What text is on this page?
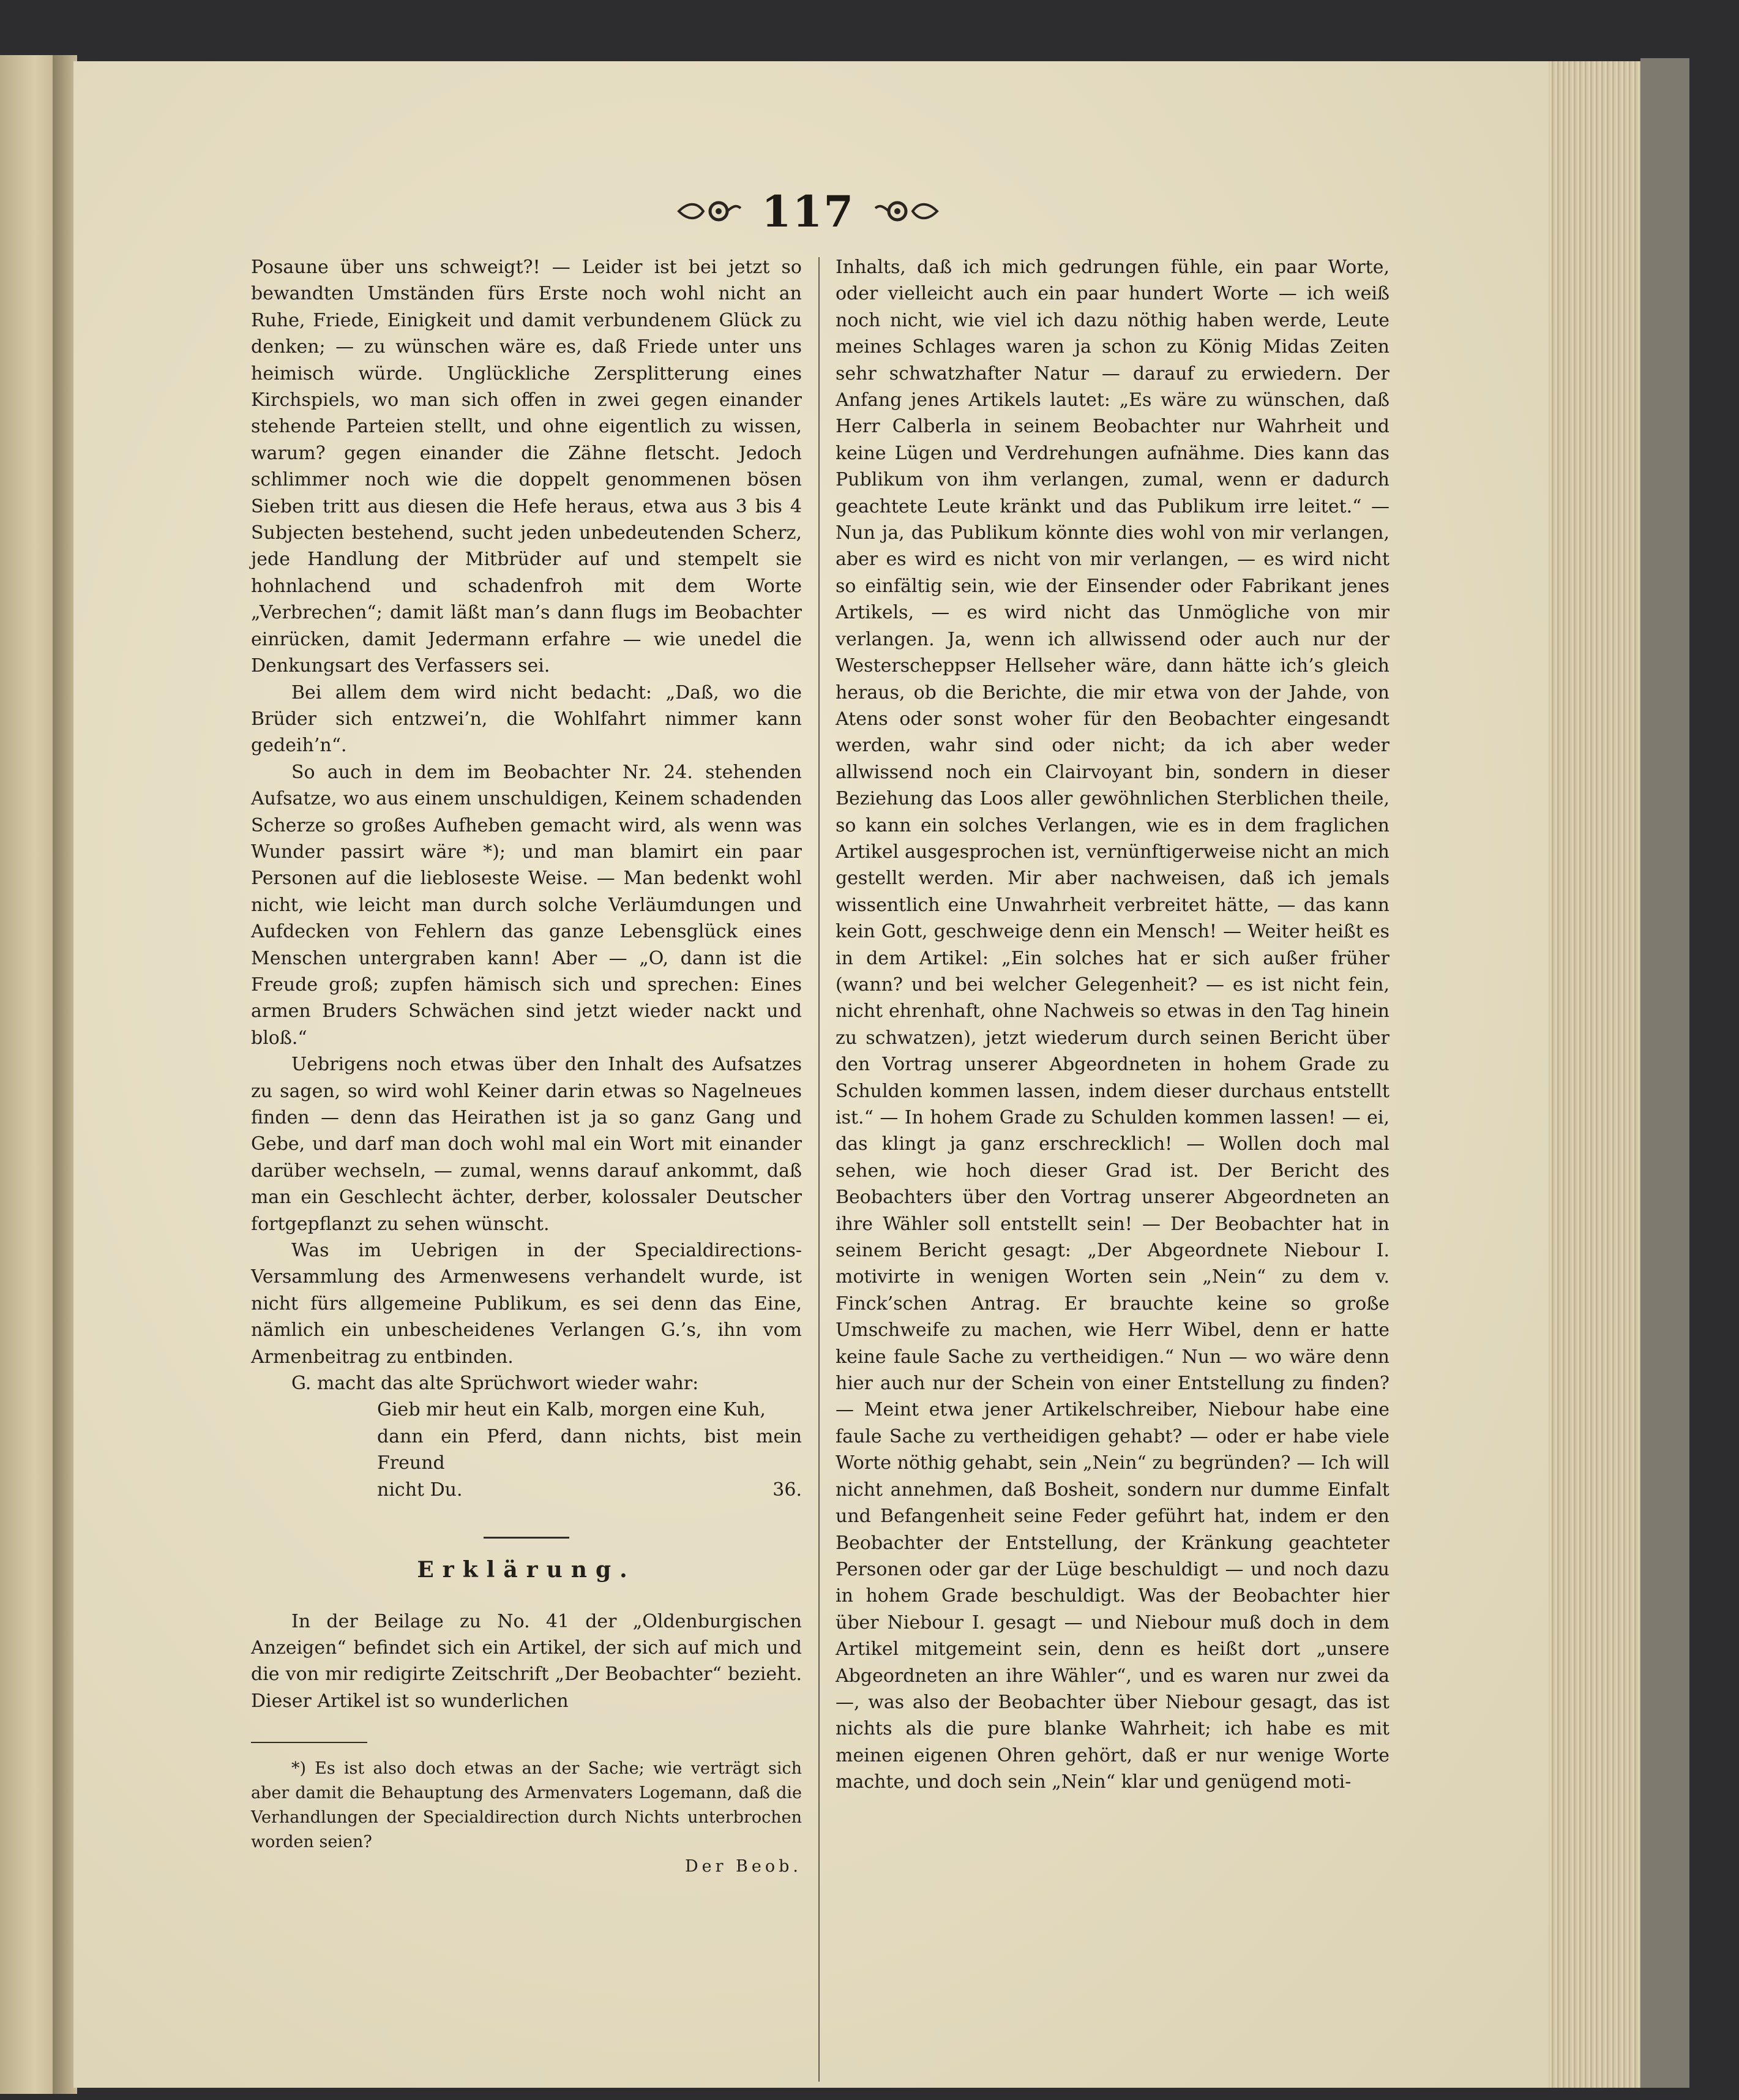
117

Posaune über uns schweigt?! — Leider ist bei jetzt so bewandten Umständen fürs Erste noch wohl nicht an Ruhe, Friede, Einigkeit und damit verbundenem Glück zu denken; — zu wünschen wäre es, daß Friede unter uns heimisch würde. Unglückliche Zersplitterung eines Kirchspiels, wo man sich offen in zwei gegen einander stehende Parteien stellt, und ohne eigentlich zu wissen, warum? gegen einander die Zähne fletscht. Jedoch schlimmer noch wie die doppelt genommenen bösen Sieben tritt aus diesen die Hefe heraus, etwa aus 3 bis 4 Subjecten bestehend, sucht jeden unbedeutenden Scherz, jede Handlung der Mitbrüder auf und stempelt sie hohnlachend und schadenfroh mit dem Worte „Verbrechen“; damit läßt man’s dann flugs im Beobachter einrücken, damit Jedermann erfahre — wie unedel die Denkungsart des Verfassers sei.

Bei allem dem wird nicht bedacht: „Daß, wo die Brüder sich entzwei’n, die Wohlfahrt nimmer kann gedeih’n“.

So auch in dem im Beobachter Nr. 24. stehenden Aufsatze, wo aus einem unschuldigen, Keinem schadenden Scherze so großes Aufheben gemacht wird, als wenn was Wunder passirt wäre *); und man blamirt ein paar Personen auf die liebloseste Weise. — Man bedenkt wohl nicht, wie leicht man durch solche Verläumdungen und Aufdecken von Fehlern das ganze Lebensglück eines Menschen untergraben kann! Aber — „O, dann ist die Freude groß; zupfen hämisch sich und sprechen: Eines armen Bruders Schwächen sind jetzt wieder nackt und bloß.“

Uebrigens noch etwas über den Inhalt des Aufsatzes zu sagen, so wird wohl Keiner darin etwas so Nagelneues finden — denn das Heirathen ist ja so ganz Gang und Gebe, und darf man doch wohl mal ein Wort mit einander darüber wechseln, — zumal, wenns darauf ankommt, daß man ein Geschlecht ächter, derber, kolossaler Deutscher fortgepflanzt zu sehen wünscht.

Was im Uebrigen in der Specialdirections-Versammlung des Armenwesens verhandelt wurde, ist nicht fürs allgemeine Publikum, es sei denn das Eine, nämlich ein unbescheidenes Verlangen G.’s, ihn vom Armenbeitrag zu entbinden.

G. macht das alte Sprüchwort wieder wahr:
Gieb mir heut ein Kalb, morgen eine Kuh,
dann ein Pferd, dann nichts, bist mein Freund
nicht Du.	36.
Erklärung.

In der Beilage zu No. 41 der „Oldenburgischen Anzeigen“ befindet sich ein Artikel, der sich auf mich und die von mir redigirte Zeitschrift „Der Beobachter“ bezieht. Dieser Artikel ist so wunderlichen

*) Es ist also doch etwas an der Sache; wie verträgt sich aber damit die Behauptung des Armenvaters Logemann, daß die Verhandlungen der Specialdirection durch Nichts unterbrochen worden seien?
Der Beob.

Inhalts, daß ich mich gedrungen fühle, ein paar Worte, oder vielleicht auch ein paar hundert Worte — ich weiß noch nicht, wie viel ich dazu nöthig haben werde, Leute meines Schlages waren ja schon zu König Midas Zeiten sehr schwatzhafter Natur — darauf zu erwiedern. Der Anfang jenes Artikels lautet: „Es wäre zu wünschen, daß Herr Calberla in seinem Beobachter nur Wahrheit und keine Lügen und Verdrehungen aufnähme. Dies kann das Publikum von ihm verlangen, zumal, wenn er dadurch geachtete Leute kränkt und das Publikum irre leitet.“ — Nun ja, das Publikum könnte dies wohl von mir verlangen, aber es wird es nicht von mir verlangen, — es wird nicht so einfältig sein, wie der Einsender oder Fabrikant jenes Artikels, — es wird nicht das Unmögliche von mir verlangen. Ja, wenn ich allwissend oder auch nur der Westerscheppser Hellseher wäre, dann hätte ich’s gleich heraus, ob die Berichte, die mir etwa von der Jahde, von Atens oder sonst woher für den Beobachter eingesandt werden, wahr sind oder nicht; da ich aber weder allwissend noch ein Clairvoyant bin, sondern in dieser Beziehung das Loos aller gewöhnlichen Sterblichen theile, so kann ein solches Verlangen, wie es in dem fraglichen Artikel ausgesprochen ist, vernünftigerweise nicht an mich gestellt werden. Mir aber nachweisen, daß ich jemals wissentlich eine Unwahrheit verbreitet hätte, — das kann kein Gott, geschweige denn ein Mensch! — Weiter heißt es in dem Artikel: „Ein solches hat er sich außer früher (wann? und bei welcher Gelegenheit? — es ist nicht fein, nicht ehrenhaft, ohne Nachweis so etwas in den Tag hinein zu schwatzen), jetzt wiederum durch seinen Bericht über den Vortrag unserer Abgeordneten in hohem Grade zu Schulden kommen lassen, indem dieser durchaus entstellt ist.“ — In hohem Grade zu Schulden kommen lassen! — ei, das klingt ja ganz erschrecklich! — Wollen doch mal sehen, wie hoch dieser Grad ist. Der Bericht des Beobachters über den Vortrag unserer Abgeordneten an ihre Wähler soll entstellt sein! — Der Beobachter hat in seinem Bericht gesagt: „Der Abgeordnete Niebour I. motivirte in wenigen Worten sein „Nein“ zu dem v. Finck’schen Antrag. Er brauchte keine so große Umschweife zu machen, wie Herr Wibel, denn er hatte keine faule Sache zu vertheidigen.“ Nun — wo wäre denn hier auch nur der Schein von einer Entstellung zu finden? — Meint etwa jener Artikelschreiber, Niebour habe eine faule Sache zu vertheidigen gehabt? — oder er habe viele Worte nöthig gehabt, sein „Nein“ zu begründen? — Ich will nicht annehmen, daß Bosheit, sondern nur dumme Einfalt und Befangenheit seine Feder geführt hat, indem er den Beobachter der Entstellung, der Kränkung geachteter Personen oder gar der Lüge beschuldigt — und noch dazu in hohem Grade beschuldigt. Was der Beobachter hier über Niebour I. gesagt — und Niebour muß doch in dem Artikel mitgemeint sein, denn es heißt dort „unsere Abgeordneten an ihre Wähler“, und es waren nur zwei da —, was also der Beobachter über Niebour gesagt, das ist nichts als die pure blanke Wahrheit; ich habe es mit meinen eigenen Ohren gehört, daß er nur wenige Worte machte, und doch sein „Nein“ klar und genügend moti-
